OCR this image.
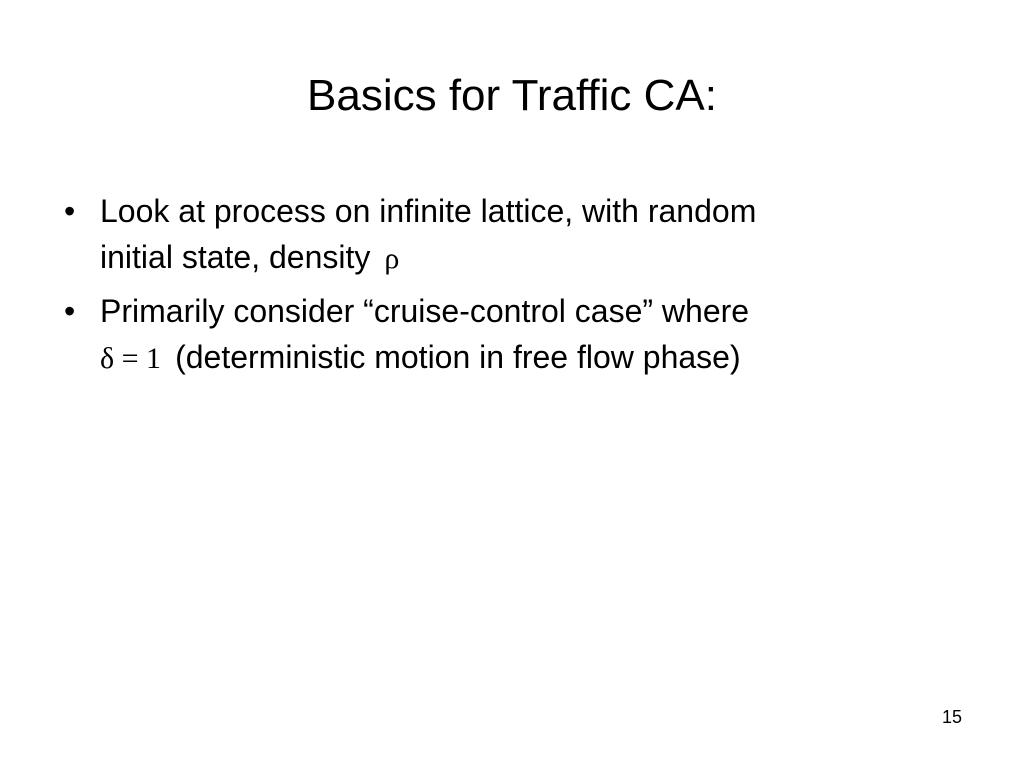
Basics for Traffic CA:
• Look at process on infinite lattice, with random
initial state, density ρ
• Primarily consider “cruise-control case” where
δ = 1 (deterministic motion in free flow phase)
15
